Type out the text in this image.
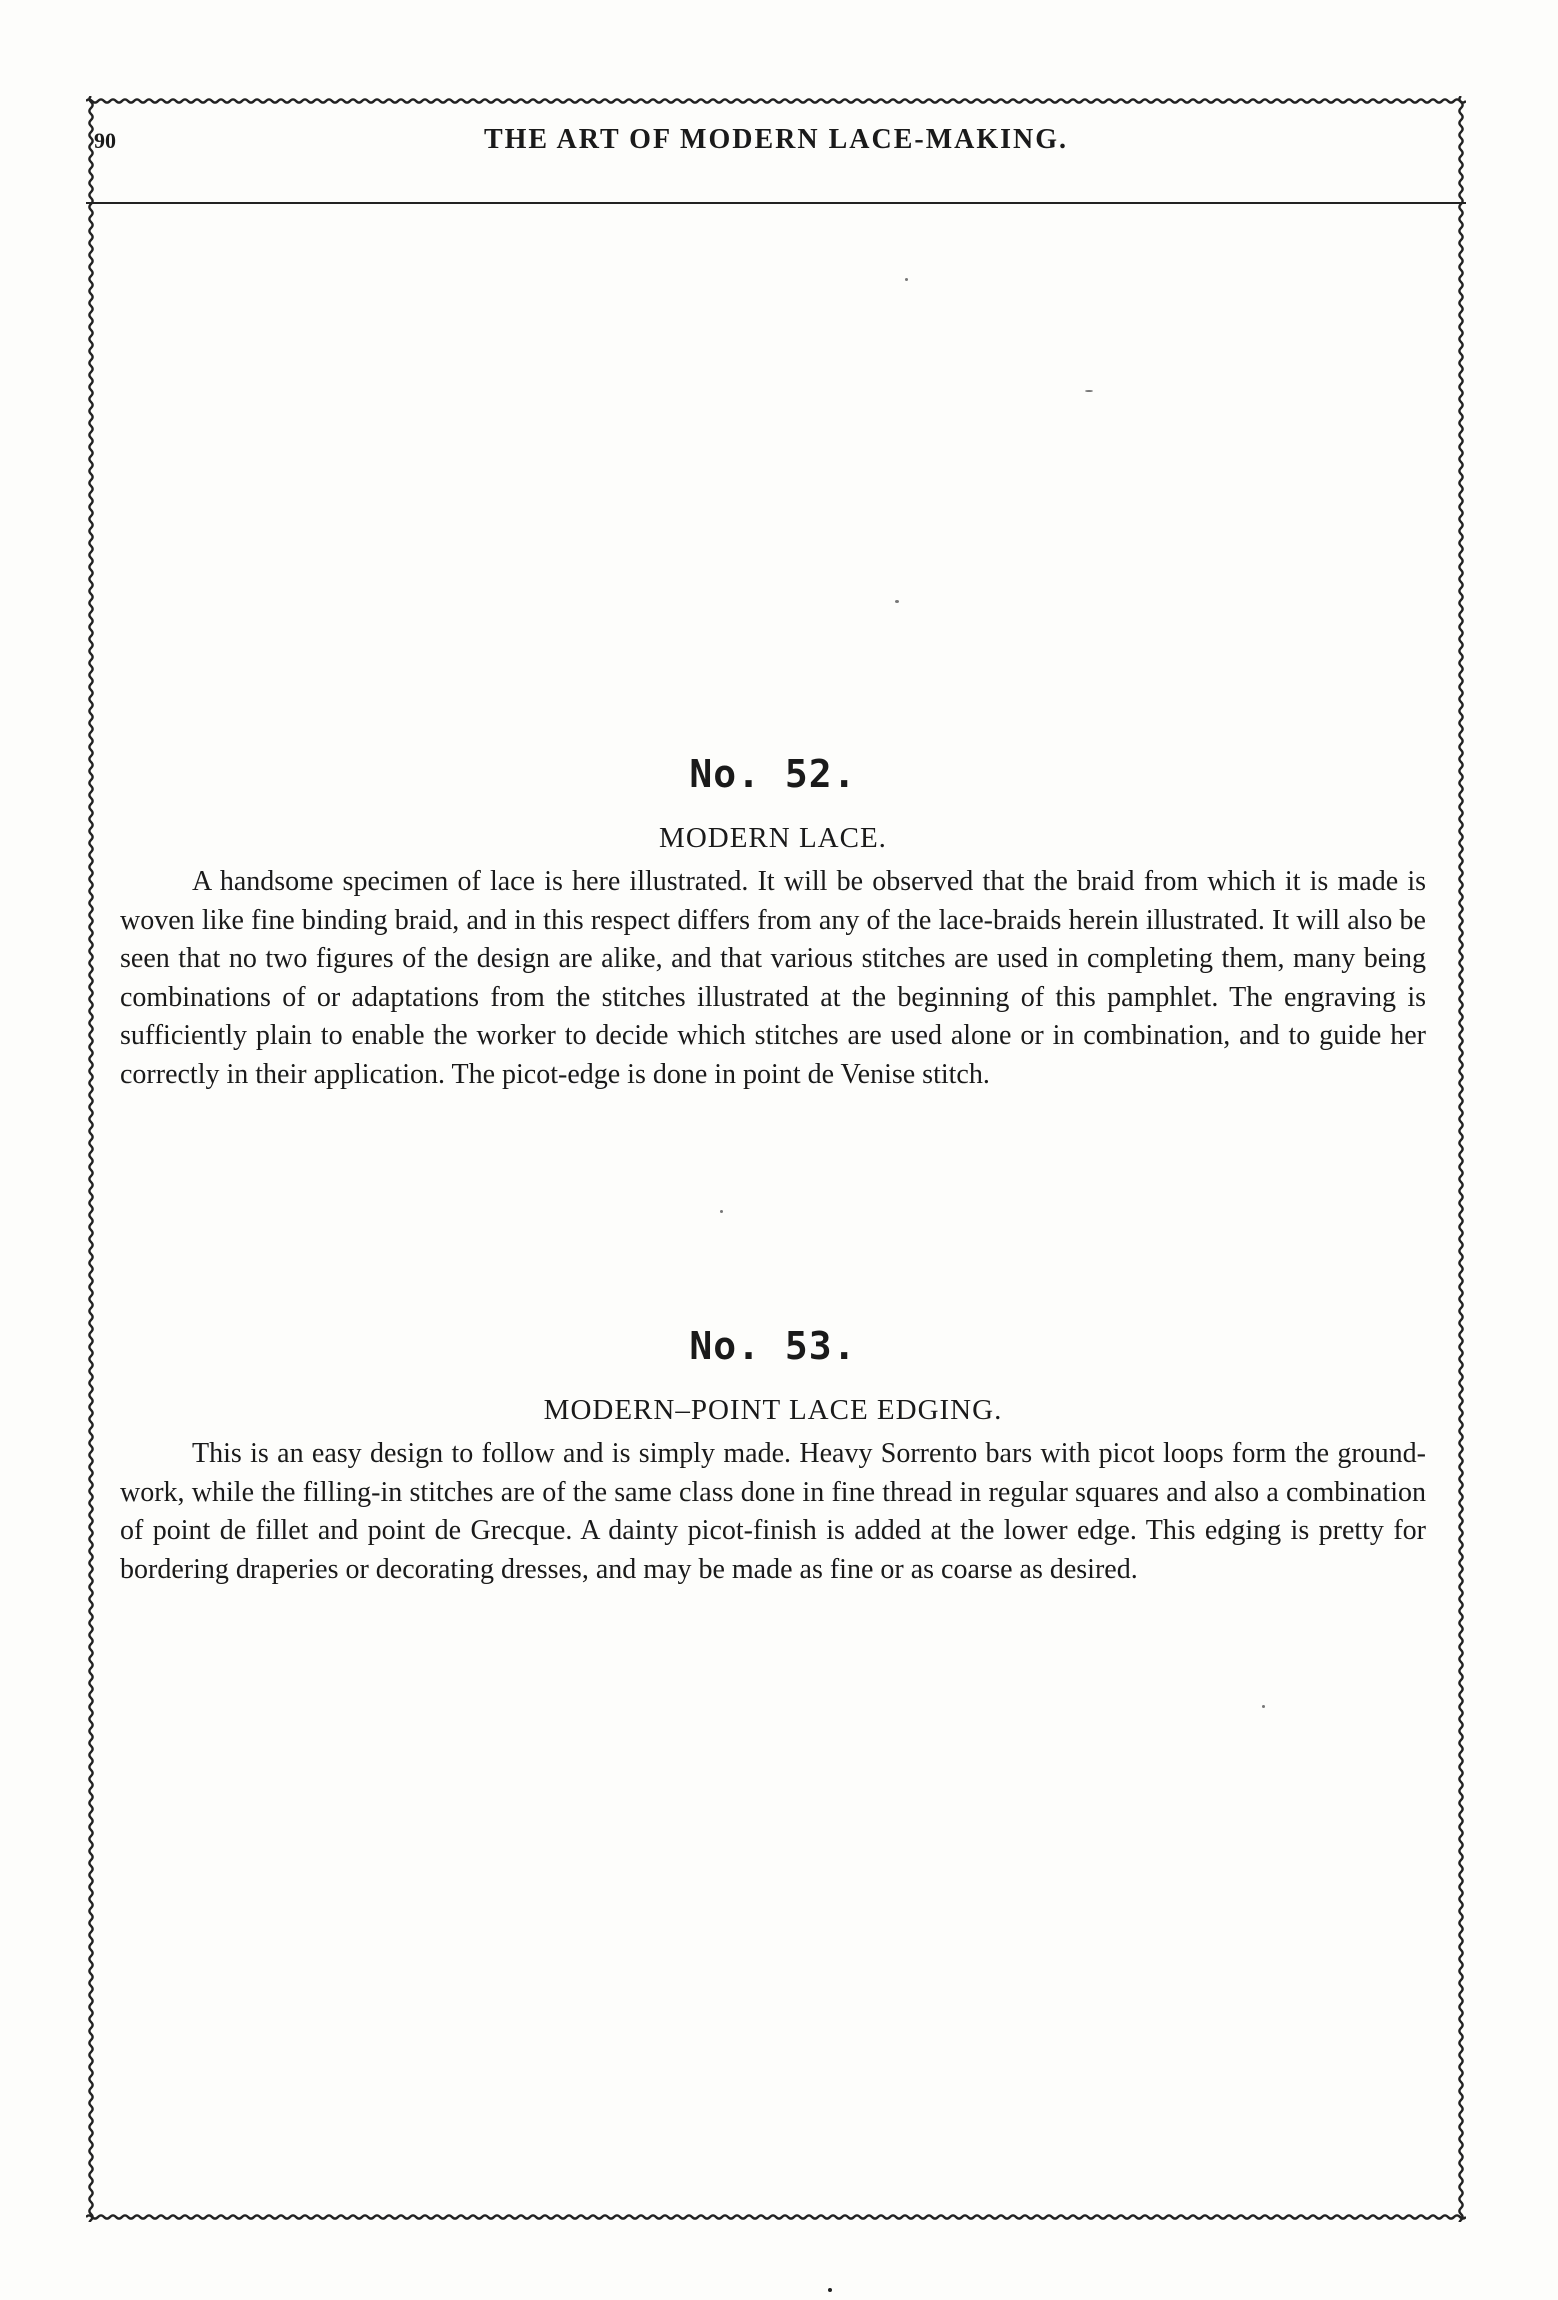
90	THE ART OF MODERN LACE-MAKING.
No. 52.
MODERN LACE.

A handsome specimen of lace is here illustrated. It will be observed that the braid from which it is made is woven like fine binding braid, and in this respect differs from any of the lace-braids herein illustrated. It will also be seen that no two figures of the design are alike, and that various stitches are used in completing them, many being combinations of or adaptations from the stitches illustrated at the beginning of this pamphlet. The engraving is sufficiently plain to enable the worker to decide which stitches are used alone or in combination, and to guide her correctly in their application. The picot-edge is done in point de Venise stitch.

No. 53.
MODERN–POINT LACE EDGING.

This is an easy design to follow and is simply made. Heavy Sorrento bars with picot loops form the ground-work, while the filling-in stitches are of the same class done in fine thread in regular squares and also a combination of point de fillet and point de Grecque. A dainty picot-finish is added at the lower edge. This edging is pretty for bordering draperies or decorating dresses, and may be made as fine or as coarse as desired.
